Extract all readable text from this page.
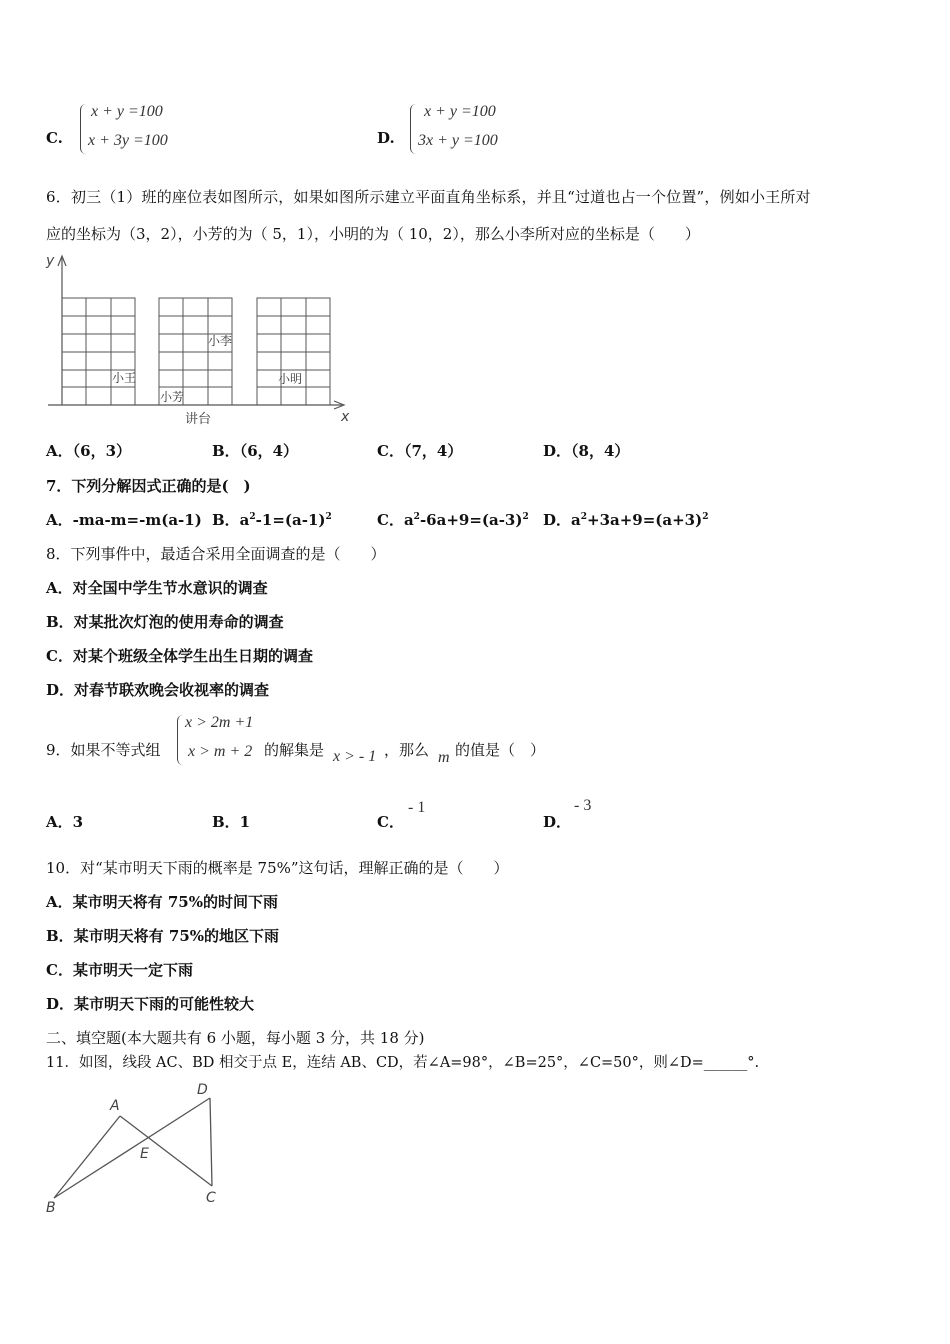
C.
x + y =100
x + 3y =100	D.
x + y =100
3x + y =100
6．初三（1）班的座位表如图所示，如果如图所示建立平面直角坐标系，并且“过道也占一个位置”，例如小王所对
应的坐标为（3，2），小芳的为（ 5，1），小明的为（ 10，2），那么小李所对应的坐标是（　　）
y
x
小王
小芳
小李
小明
讲台
A．（6，3）	B．（6，4）	C．（7，4）	D．（8，4）
7．下列分解因式正确的是(　)
A．-ma-m=-m(a-1) B．$a^2-1=(a-1)^2$	C．$a^2-6a+9=(a-3)^2$ D．$a^2+3a+9=(a+3)^2$
8．下列事件中，最适合采用全面调查的是（　　）
A．对全国中学生节水意识的调查
B．对某批次灯泡的使用寿命的调查
C．对某个班级全体学生出生日期的调查
D．对春节联欢晚会收视率的调查
9．如果不等式组
x > 2m +1
x > m + 2 的解集是 x > - 1 ，那么 m 的值是（　）
A．3	B．1	C．
- 1
D．
- 3
10．对“某市明天下雨的概率是 75%”这句话，理解正确的是（　　）
A．某市明天将有 75%的时间下雨
B．某市明天将有 75%的地区下雨
C．某市明天一定下雨
D．某市明天下雨的可能性较大
二、填空题(本大题共有 6 小题，每小题 3 分，共 18 分)
11．如图，线段 AC、BD 相交于点 E，连结 AB、CD，若∠A=98°，∠B=25°，∠C=50°，则∠D=______°.
A
B
C
D
E
